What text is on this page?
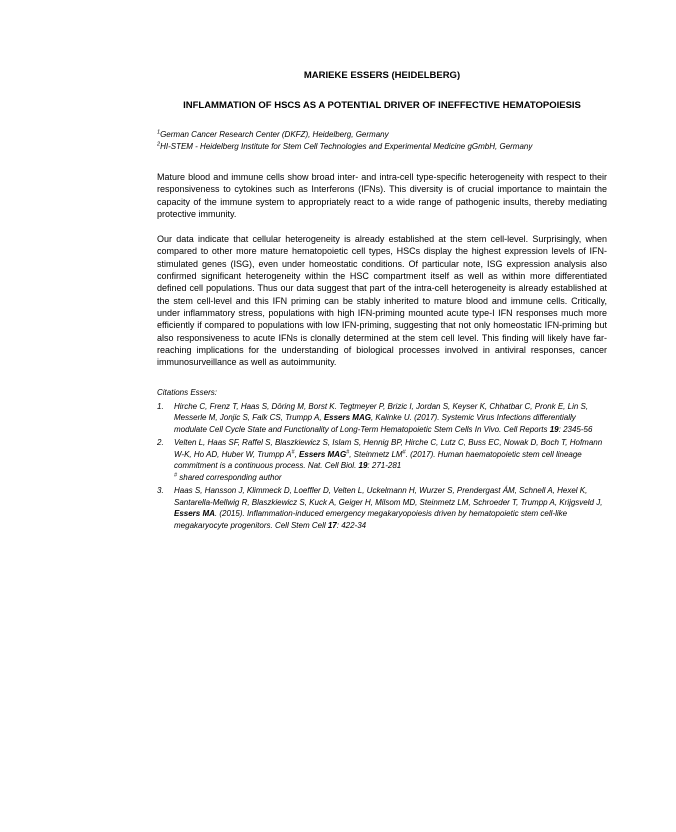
MARIEKE ESSERS (HEIDELBERG)

INFLAMMATION OF HSCS AS A POTENTIAL DRIVER OF INEFFECTIVE HEMATOPOIESIS

$^1$German Cancer Research Center (DKFZ), Heidelberg, Germany
$^2$HI-STEM - Heidelberg Institute for Stem Cell Technologies and Experimental Medicine gGmbH, Germany

Mature blood and immune cells show broad inter- and intra-cell type-specific heterogeneity with respect to their responsiveness to cytokines such as Interferons (IFNs). This diversity is of crucial importance to maintain the capacity of the immune system to appropriately react to a wide range of pathogenic insults, thereby mediating protective immunity.

Our data indicate that cellular heterogeneity is already established at the stem cell-level. Surprisingly, when compared to other more mature hematopoietic cell types, HSCs display the highest expression levels of IFN-stimulated genes (ISG), even under homeostatic conditions. Of particular note, ISG expression analysis also confirmed significant heterogeneity within the HSC compartment itself as well as within more differentiated defined cell populations. Thus our data suggest that part of the intra-cell heterogeneity is already established at the stem cell-level and this IFN priming can be stably inherited to mature blood and immune cells. Critically, under inflammatory stress, populations with high IFN-priming mounted acute type-I IFN responses much more efficiently if compared to populations with low IFN-priming, suggesting that not only homeostatic IFN-priming but also responsiveness to acute IFNs is clonally determined at the stem cell level. This finding will likely have far-reaching implications for the understanding of biological processes involved in antiviral responses, cancer immunosurveillance as well as autoimmunity.

Citations Essers:

1. Hirche C, Frenz T, Haas S, Döring M, Borst K. Tegtmeyer P, Brizic I, Jordan S, Keyser K, Chhatbar C, Pronk E, Lin S, Messerle M, Jonjic S, Falk CS, Trumpp A, Essers MAG, Kalinke U. (2017). Systemic Virus Infections differentially modulate Cell Cycle State and Functionality of Long-Term Hematopoietic Stem Cells In Vivo. Cell Reports 19: 2345-56
2. Velten L, Haas SF, Raffel S, Blaszkiewicz S, Islam S, Hennig BP, Hirche C, Lutz C, Buss EC, Nowak D, Boch T, Hofmann W-K, Ho AD, Huber W, Trumpp A#, Essers MAG#, Steinmetz LM#. (2017). Human haematopoietic stem cell lineage commitment is a continuous process. Nat. Cell Biol. 19: 271-281

# shared corresponding author

3. Haas S, Hansson J, Klimmeck D, Loeffler D, Velten L, Uckelmann H, Wurzer S, Prendergast ÁM, Schnell A, Hexel K, Santarella-Mellwig R, Blaszkiewicz S, Kuck A, Geiger H, Milsom MD, Steinmetz LM, Schroeder T, Trumpp A, Krijgsveld J, Essers MA. (2015). Inflammation-induced emergency megakaryopoiesis driven by hematopoietic stem cell-like megakaryocyte progenitors. Cell Stem Cell 17: 422-34
